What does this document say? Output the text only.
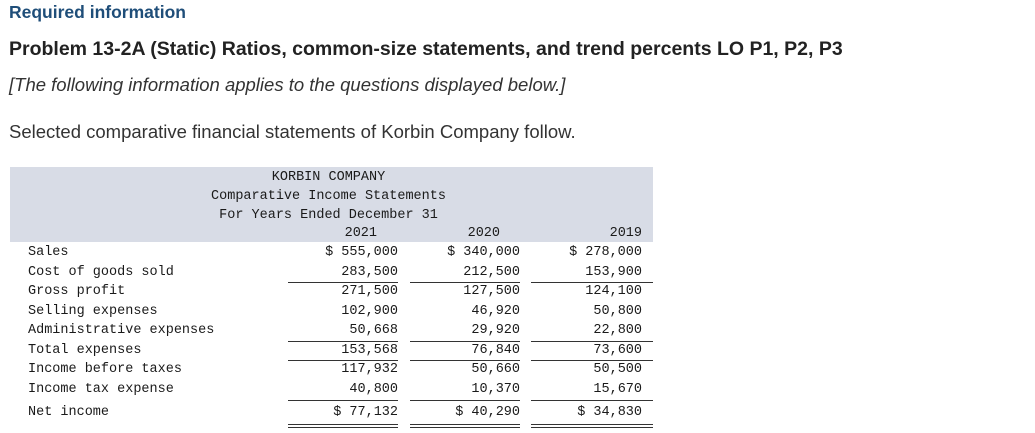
Required information
Problem 13-2A (Static) Ratios, common-size statements, and trend percents LO P1, P2, P3
[The following information applies to the questions displayed below.]
Selected comparative financial statements of Korbin Company follow.
KORBIN COMPANY
Comparative Income Statements
For Years Ended December 31
2021	2020	2019
Sales	$ 555,000	$ 340,000	$ 278,000
Cost of goods sold	283,500	212,500	153,900
Gross profit	271,500	127,500	124,100
Selling expenses	102,900	46,920	50,800
Administrative expenses	50,668	29,920	22,800
Total expenses	153,568	76,840	73,600
Income before taxes	117,932	50,660	50,500
Income tax expense	40,800	10,370	15,670
Net income	$ 77,132	$ 40,290	$ 34,830
